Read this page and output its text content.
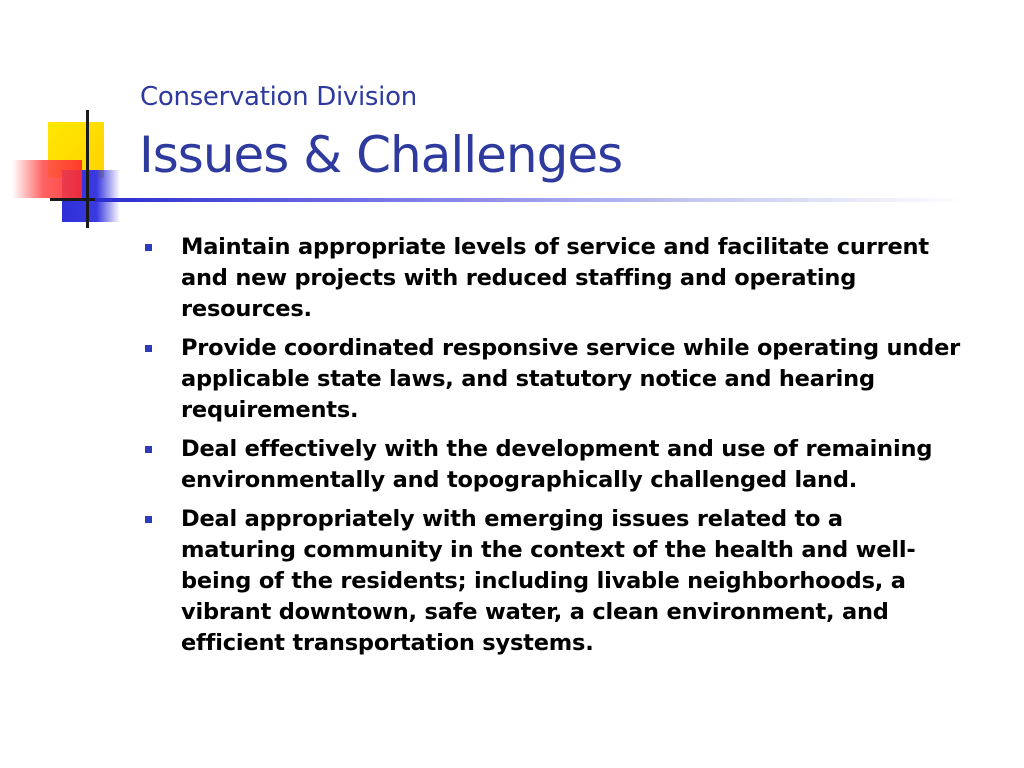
Conservation Division
Issues & Challenges
Maintain appropriate levels of service and facilitate current and new projects with reduced staffing and operating resources.
Provide coordinated responsive service while operating under applicable state laws, and statutory notice and hearing requirements.
Deal effectively with the development and use of remaining environmentally and topographically challenged land.
Deal appropriately with emerging issues related to a maturing community in the context of the health and well-being of the residents; including livable neighborhoods, a vibrant downtown, safe water, a clean environment, and efficient transportation systems.
